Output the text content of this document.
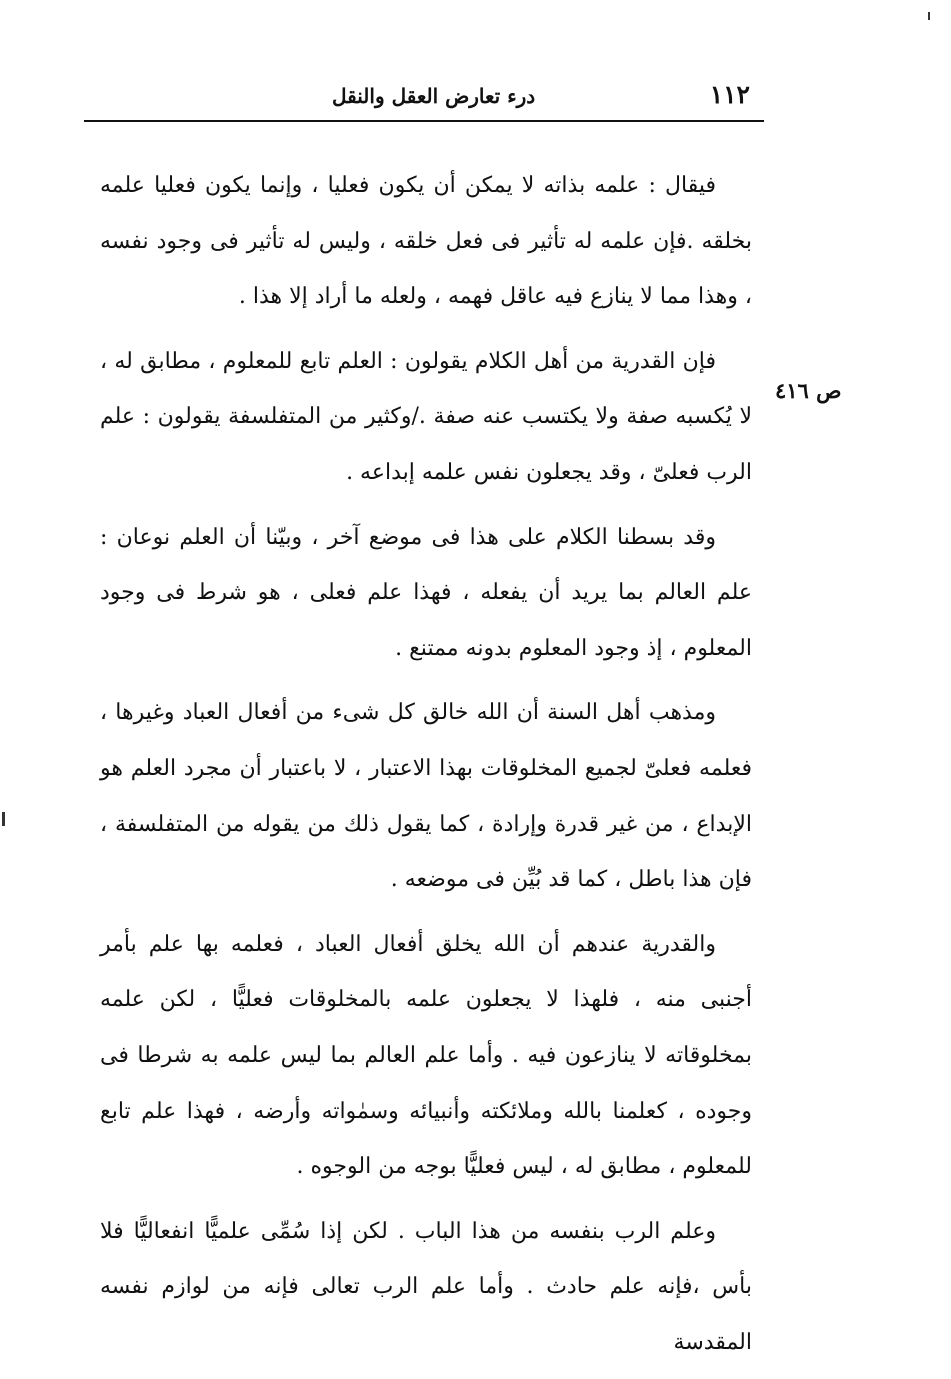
١١٢
درء تعارض العقل والنقل
ص ٤١٦

فيقال : علمه بذاته لا يمكن أن يكون فعليا ، وإنما يكون فعليا علمه بخلقه .فإن علمه له تأثير فى فعل خلقه ، وليس له تأثير فى وجود نفسه ، وهذا مما لا ينازع فيه عاقل فهمه ، ولعله ما أراد إلا هذا .

فإن القدرية من أهل الكلام يقولون : العلم تابع للمعلوم ، مطابق له ، لا يُكسبه صفة ولا يكتسب عنه صفة ./وكثير من المتفلسفة يقولون : علم الرب فعلىّ ، وقد يجعلون نفس علمه إبداعه .

وقد بسطنا الكلام على هذا فى موضع آخر ، وبيّنا أن العلم نوعان : علم العالم بما يريد أن يفعله ، فهذا علم فعلى ، هو شرط فى وجود المعلوم ، إذ وجود المعلوم بدونه ممتنع .

ومذهب أهل السنة أن الله خالق كل شىء من أفعال العباد وغيرها ، فعلمه فعلىّ لجميع المخلوقات بهذا الاعتبار ، لا باعتبار أن مجرد العلم هو الإبداع ، من غير قدرة وإرادة ، كما يقول ذلك من يقوله من المتفلسفة ، فإن هذا باطل ، كما قد بُيِّن فى موضعه .

والقدرية عندهم أن الله يخلق أفعال العباد ، فعلمه بها علم بأمر أجنبى منه ، فلهذا لا يجعلون علمه بالمخلوقات فعليًّا ، لكن علمه بمخلوقاته لا ينازعون فيه . وأما علم العالم بما ليس علمه به شرطا فى وجوده ، كعلمنا بالله وملائكته وأنبيائه وسمٰواته وأرضه ، فهذا علم تابع للمعلوم ، مطابق له ، ليس فعليًّا بوجه من الوجوه .

وعلم الرب بنفسه من هذا الباب . لكن إذا سُمِّى علميًّا انفعاليًّا فلا بأس ،فإنه علم حادث . وأما علم الرب تعالى فإنه من لوازم نفسه المقدسة
